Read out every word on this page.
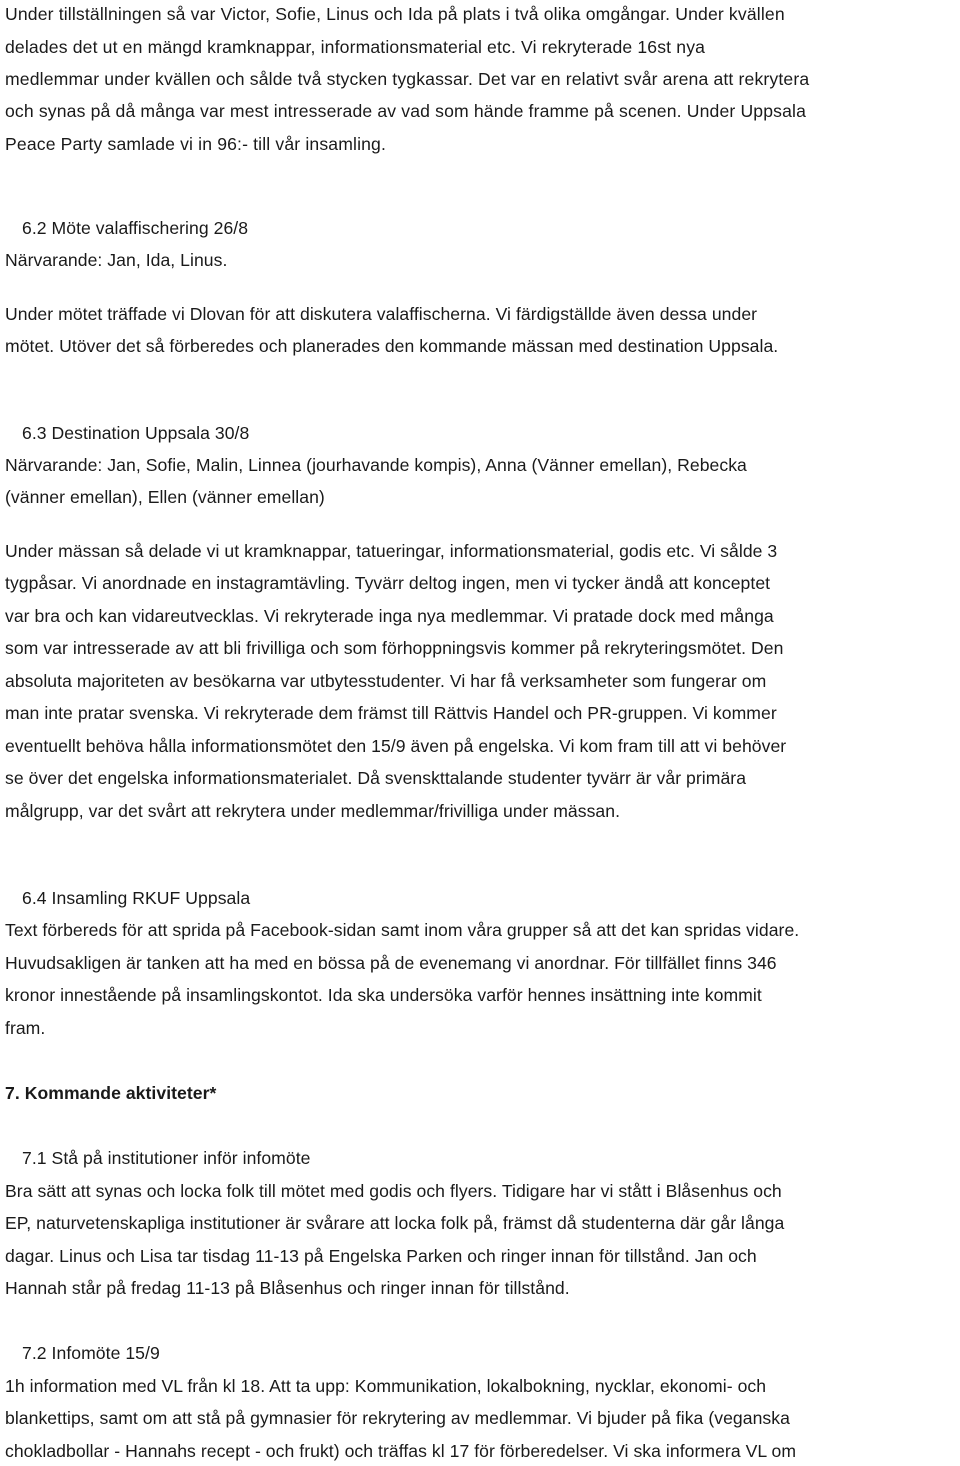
Under tillställningen så var Victor, Sofie, Linus och Ida på plats i två olika omgångar. Under kvällen
delades det ut en mängd kramknappar, informationsmaterial etc. Vi rekryterade 16st nya
medlemmar under kvällen och sålde två stycken tygkassar. Det var en relativt svår arena att rekrytera
och synas på då många var mest intresserade av vad som hände framme på scenen. Under Uppsala
Peace Party samlade vi in 96:- till vår insamling.
6.2 Möte valaffischering 26/8
Närvarande: Jan, Ida, Linus.
Under mötet träffade vi Dlovan för att diskutera valaffischerna. Vi färdigställde även dessa under
mötet. Utöver det så förberedes och planerades den kommande mässan med destination Uppsala.
6.3 Destination Uppsala 30/8
Närvarande: Jan, Sofie, Malin, Linnea (jourhavande kompis), Anna (Vänner emellan), Rebecka
(vänner emellan), Ellen (vänner emellan)
Under mässan så delade vi ut kramknappar, tatueringar, informationsmaterial, godis etc. Vi sålde 3
tygpåsar. Vi anordnade en instagramtävling. Tyvärr deltog ingen, men vi tycker ändå att konceptet
var bra och kan vidareutvecklas. Vi rekryterade inga nya medlemmar. Vi pratade dock med många
som var intresserade av att bli frivilliga och som förhoppningsvis kommer på rekryteringsmötet. Den
absoluta majoriteten av besökarna var utbytesstudenter. Vi har få verksamheter som fungerar om
man inte pratar svenska. Vi rekryterade dem främst till Rättvis Handel och PR-gruppen. Vi kommer
eventuellt behöva hålla informationsmötet den 15/9 även på engelska. Vi kom fram till att vi behöver
se över det engelska informationsmaterialet. Då svenskttalande studenter tyvärr är vår primära
målgrupp, var det svårt att rekrytera under medlemmar/frivilliga under mässan.
6.4 Insamling RKUF Uppsala
Text förbereds för att sprida på Facebook-sidan samt inom våra grupper så att det kan spridas vidare.
Huvudsakligen är tanken att ha med en bössa på de evenemang vi anordnar. För tillfället finns 346
kronor innestående på insamlingskontot. Ida ska undersöka varför hennes insättning inte kommit
fram.
7. Kommande aktiviteter*
7.1 Stå på institutioner inför infomöte
Bra sätt att synas och locka folk till mötet med godis och flyers. Tidigare har vi stått i Blåsenhus och
EP, naturvetenskapliga institutioner är svårare att locka folk på, främst då studenterna där går långa
dagar. Linus och Lisa tar tisdag 11-13 på Engelska Parken och ringer innan för tillstånd. Jan och
Hannah står på fredag 11-13 på Blåsenhus och ringer innan för tillstånd.
7.2 Infomöte 15/9
1h information med VL från kl 18. Att ta upp: Kommunikation, lokalbokning, nycklar, ekonomi- och
blankettips, samt om att stå på gymnasier för rekrytering av medlemmar. Vi bjuder på fika (veganska
chokladbollar - Hannahs recept - och frukt) och träffas kl 17 för förberedelser. Vi ska informera VL om
